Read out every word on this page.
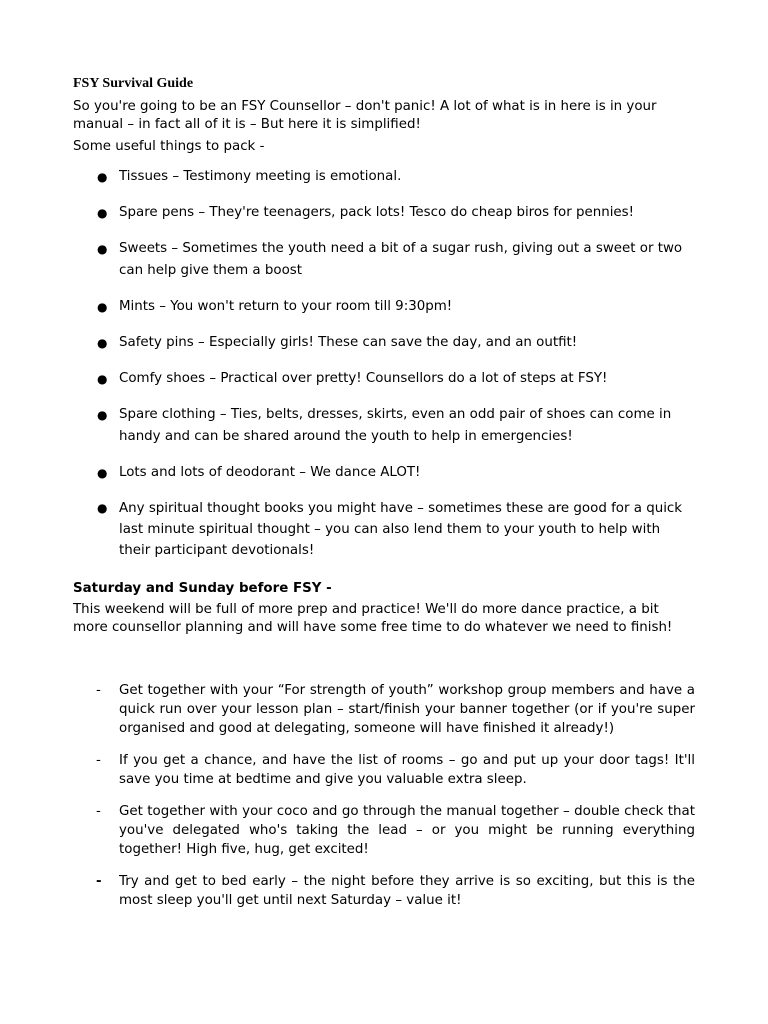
FSY Survival Guide

So you're going to be an FSY Counsellor – don't panic! A lot of what is in here is in your manual – in fact all of it is – But here it is simplified!

Some useful things to pack -

● Tissues – Testimony meeting is emotional.
● Spare pens – They're teenagers, pack lots! Tesco do cheap biros for pennies!
● Sweets – Sometimes the youth need a bit of a sugar rush, giving out a sweet or two can help give them a boost
● Mints – You won't return to your room till 9:30pm!
● Safety pins – Especially girls! These can save the day, and an outfit!
● Comfy shoes – Practical over pretty! Counsellors do a lot of steps at FSY!
● Spare clothing – Ties, belts, dresses, skirts, even an odd pair of shoes can come in handy and can be shared around the youth to help in emergencies!
● Lots and lots of deodorant – We dance ALOT!
● Any spiritual thought books you might have – sometimes these are good for a quick last minute spiritual thought – you can also lend them to your youth to help with their participant devotionals!
Saturday and Sunday before FSY -

This weekend will be full of more prep and practice! We'll do more dance practice, a bit more counsellor planning and will have some free time to do whatever we need to finish!

- Get together with your “For strength of youth” workshop group members and have a quick run over your lesson plan – start/finish your banner together (or if you're super organised and good at delegating, someone will have finished it already!)
- If you get a chance, and have the list of rooms – go and put up your door tags! It'll save you time at bedtime and give you valuable extra sleep.
- Get together with your coco and go through the manual together – double check that you've delegated who's taking the lead – or you might be running everything together! High five, hug, get excited!
- Try and get to bed early – the night before they arrive is so exciting, but this is the most sleep you'll get until next Saturday – value it!
